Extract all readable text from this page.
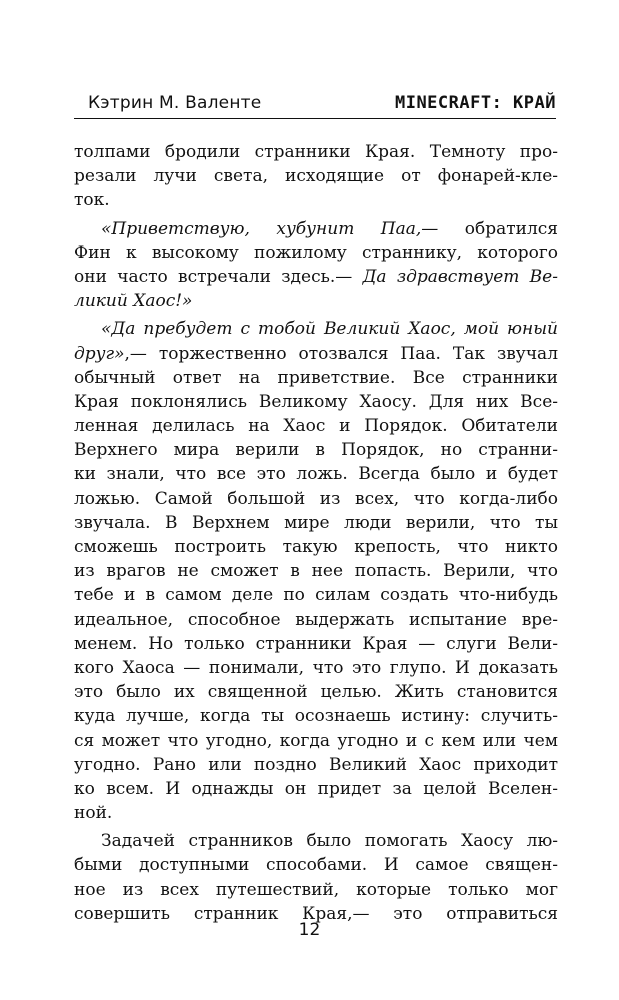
Кэтрин М. Валенте	MINECRAFT: КРАЙ
толпами бродили странники Края. Темноту про-
резали лучи света, исходящие от фонарей-кле-
ток.
«Приветствую, хубунит Паа,— обратился
Фин к высокому пожилому страннику, которого
они часто встречали здесь.— Да здравствует Ве-
ликий Хаос!»
«Да пребудет с тобой Великий Хаос, мой юный
друг»,— торжественно отозвался Паа. Так звучал
обычный ответ на приветствие. Все странники
Края поклонялись Великому Хаосу. Для них Все-
ленная делилась на Хаос и Порядок. Обитатели
Верхнего мира верили в Порядок, но странни-
ки знали, что все это ложь. Всегда было и будет
ложью. Самой большой из всех, что когда-либо
звучала. В Верхнем мире люди верили, что ты
сможешь построить такую крепость, что никто
из врагов не сможет в нее попасть. Верили, что
тебе и в самом деле по силам создать что-нибудь
идеальное, способное выдержать испытание вре-
менем. Но только странники Края — слуги Вели-
кого Хаоса — понимали, что это глупо. И доказать
это было их священной целью. Жить становится
куда лучше, когда ты осознаешь истину: случить-
ся может что угодно, когда угодно и с кем или чем
угодно. Рано или поздно Великий Хаос приходит
ко всем. И однажды он придет за целой Вселен-
ной.
Задачей странников было помогать Хаосу лю-
быми доступными способами. И самое священ-
ное из всех путешествий, которые только мог
совершить странник Края,— это отправиться
12
